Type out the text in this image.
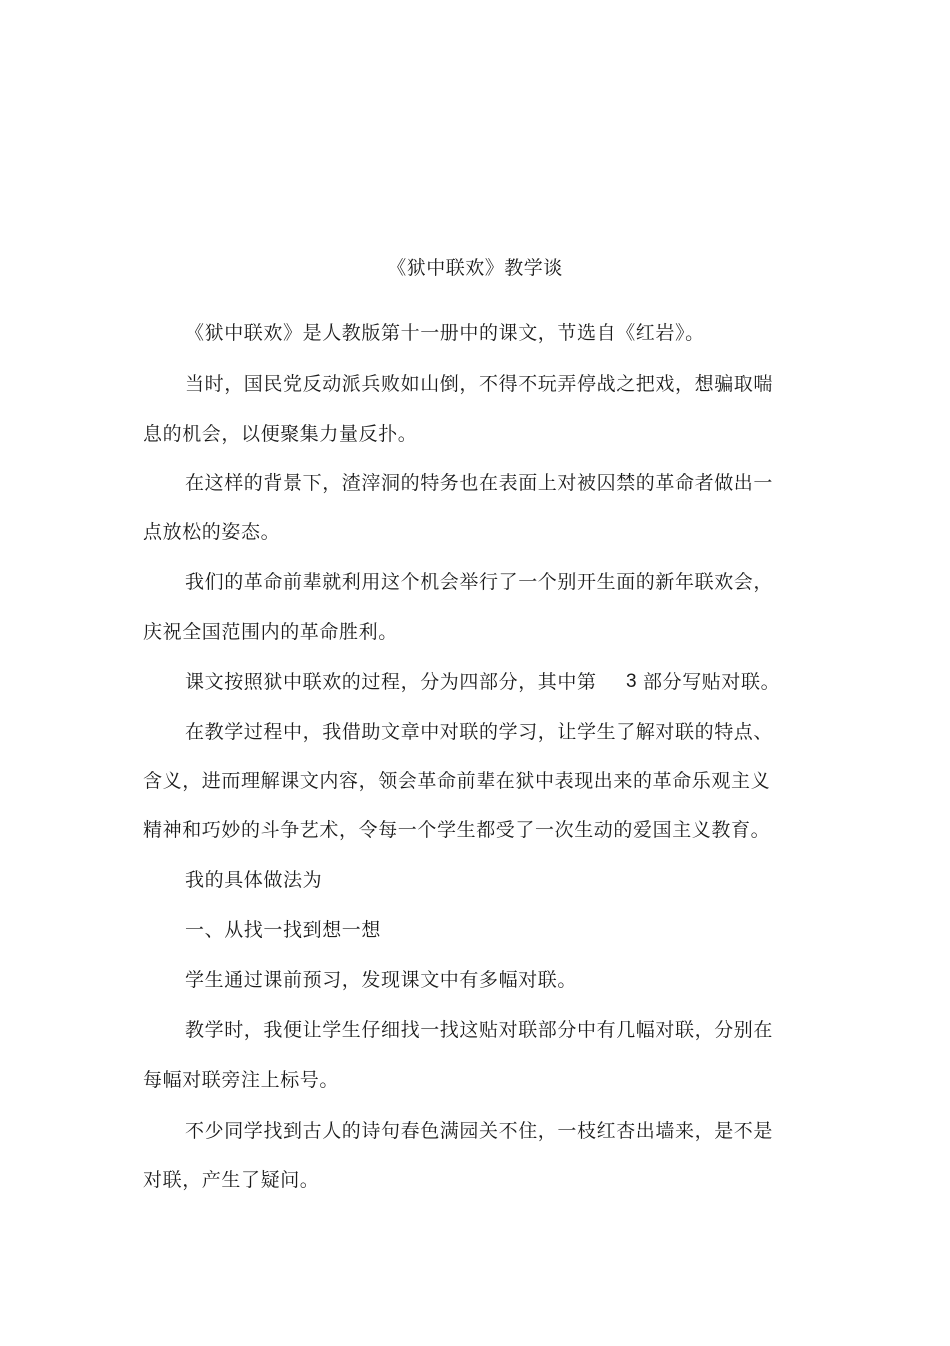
《狱中联欢》教学谈
《狱中联欢》是人教版第十一册中的课文，节选自《红岩》。
当时，国民党反动派兵败如山倒，不得不玩弄停战之把戏，想骗取喘
息的机会，以便聚集力量反扑。
在这样的背景下，渣滓洞的特务也在表面上对被囚禁的革命者做出一
点放松的姿态。
我们的革命前辈就利用这个机会举行了一个别开生面的新年联欢会，
庆祝全国范围内的革命胜利。
课文按照狱中联欢的过程，分为四部分，其中第 3 部分写贴对联。
在教学过程中，我借助文章中对联的学习，让学生了解对联的特点、
含义，进而理解课文内容，领会革命前辈在狱中表现出来的革命乐观主义
精神和巧妙的斗争艺术，令每一个学生都受了一次生动的爱国主义教育。
我的具体做法为
一、从找一找到想一想
学生通过课前预习，发现课文中有多幅对联。
教学时，我便让学生仔细找一找这贴对联部分中有几幅对联，分别在
每幅对联旁注上标号。
不少同学找到古人的诗句春色满园关不住，一枝红杏出墙来，是不是
对联，产生了疑问。
